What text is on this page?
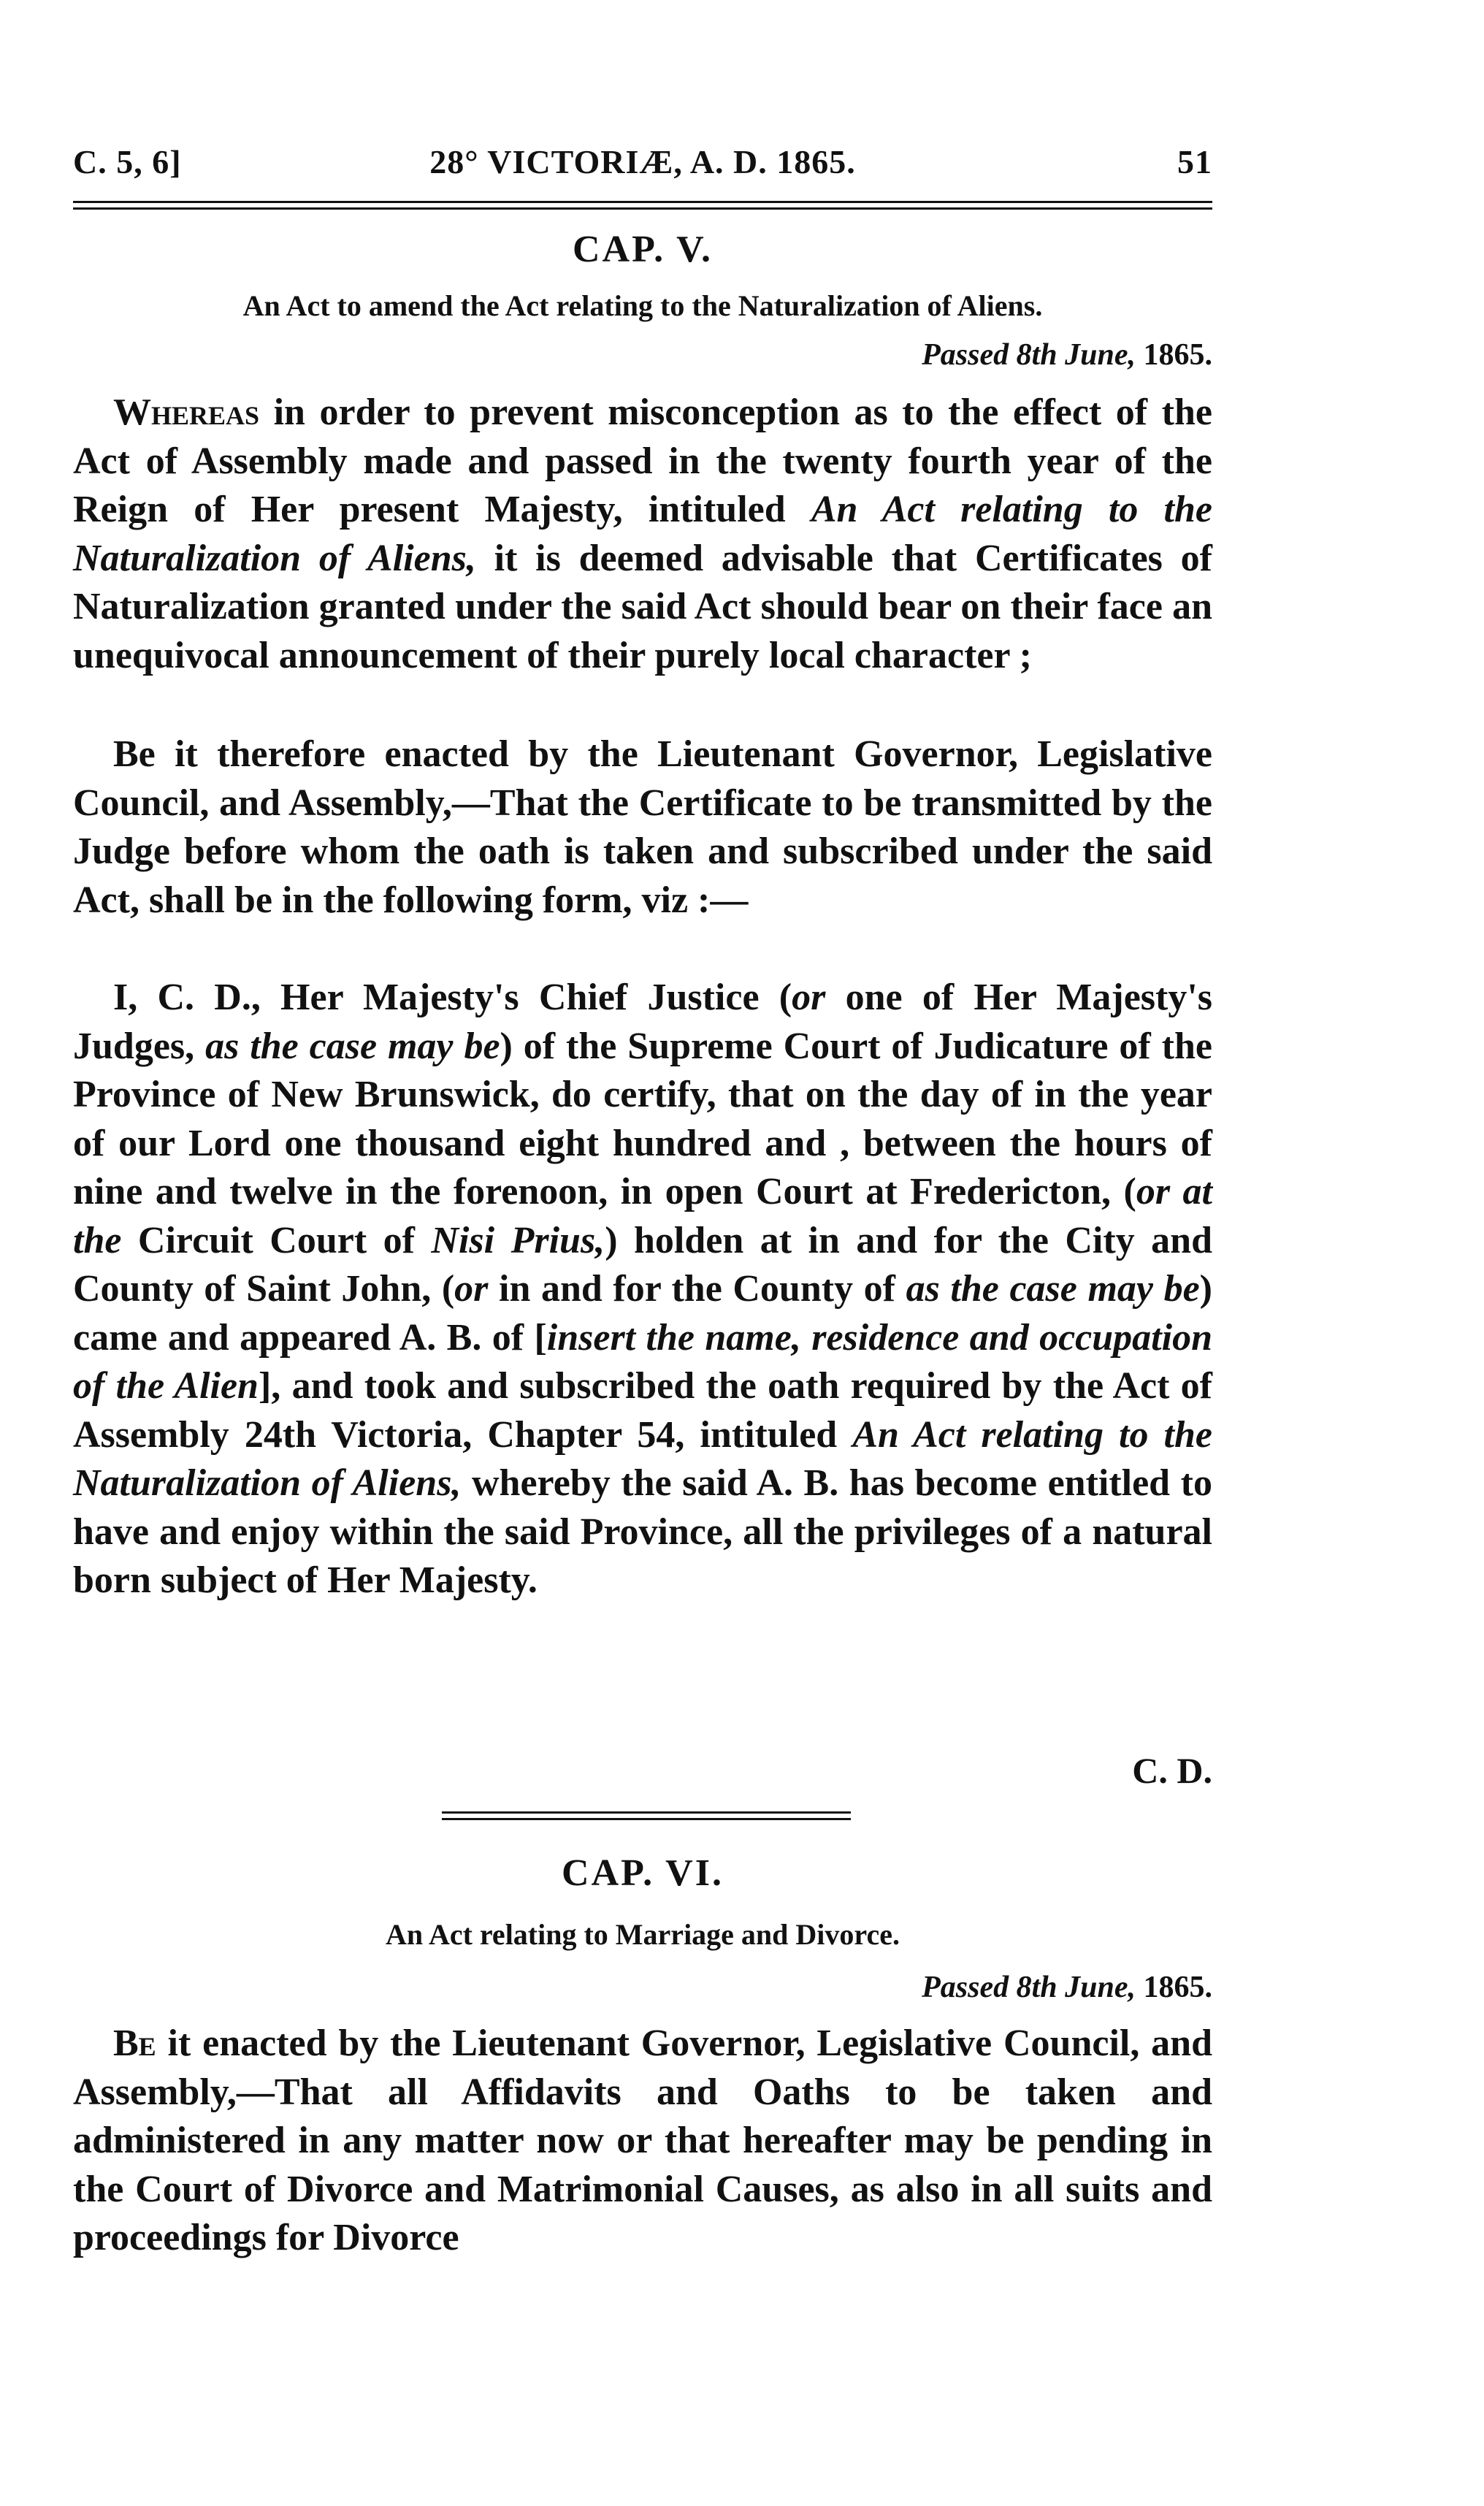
C. 5, 6]	28° VICTORIÆ, A. D. 1865.	51
CAP. V.
An Act to amend the Act relating to the Naturalization of Aliens.
Passed 8th June, 1865.
Whereas in order to prevent misconception as to the effect of the Act of Assembly made and passed in the twenty fourth year of the Reign of Her present Majesty, intituled An Act relating to the Naturalization of Aliens, it is deemed advisable that Certificates of Naturalization granted under the said Act should bear on their face an unequivocal announcement of their purely local character ;
Be it therefore enacted by the Lieutenant Governor, Legislative Council, and Assembly,—That the Certificate to be transmitted by the Judge before whom the oath is taken and subscribed under the said Act, shall be in the following form, viz :—
I, C. D., Her Majesty's Chief Justice (or one of Her Majesty's Judges, as the case may be) of the Supreme Court of Judicature of the Province of New Brunswick, do certify, that on the day of in the year of our Lord one thousand eight hundred and , between the hours of nine and twelve in the forenoon, in open Court at Fredericton, (or at the Circuit Court of Nisi Prius,) holden at in and for the City and County of Saint John, (or in and for the County of as the case may be) came and appeared A. B. of [insert the name, residence and occupation of the Alien], and took and subscribed the oath required by the Act of Assembly 24th Victoria, Chapter 54, intituled An Act relating to the Naturalization of Aliens, whereby the said A. B. has become entitled to have and enjoy within the said Province, all the privileges of a natural born subject of Her Majesty.
C. D.
CAP. VI.
An Act relating to Marriage and Divorce.
Passed 8th June, 1865.
Be it enacted by the Lieutenant Governor, Legislative Council, and Assembly,—That all Affidavits and Oaths to be taken and administered in any matter now or that hereafter may be pending in the Court of Divorce and Matrimonial Causes, as also in all suits and proceedings for Divorce
